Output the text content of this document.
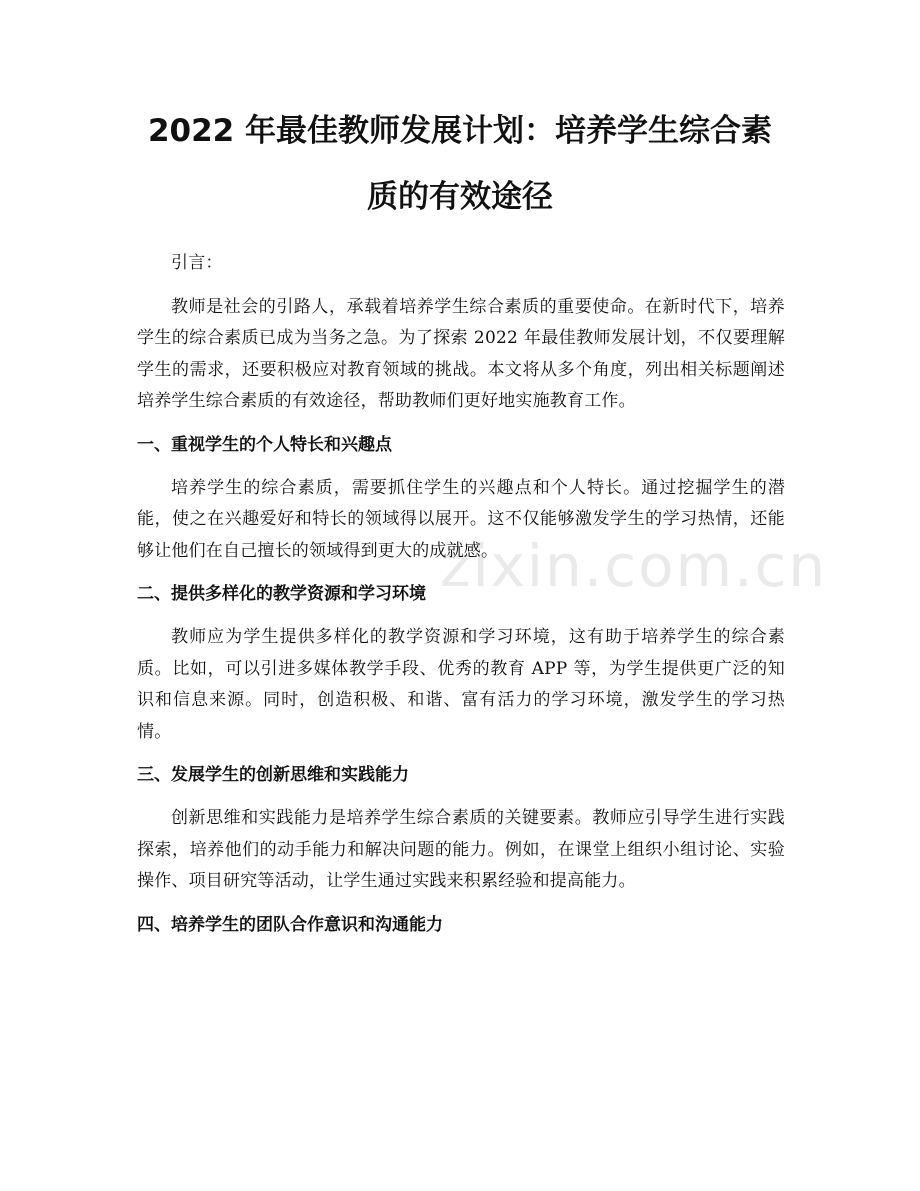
2022 年最佳教师发展计划：培养学生综合素
质的有效途径
zixin.com.cn

引言：

教师是社会的引路人，承载着培养学生综合素质的重要使命。在新时代下，培养学生的综合素质已成为当务之急。为了探索 2022 年最佳教师发展计划，不仅要理解学生的需求，还要积极应对教育领域的挑战。本文将从多个角度，列出相关标题阐述培养学生综合素质的有效途径，帮助教师们更好地实施教育工作。

一、重视学生的个人特长和兴趣点

培养学生的综合素质，需要抓住学生的兴趣点和个人特长。通过挖掘学生的潜能，使之在兴趣爱好和特长的领域得以展开。这不仅能够激发学生的学习热情，还能够让他们在自己擅长的领域得到更大的成就感。

二、提供多样化的教学资源和学习环境

教师应为学生提供多样化的教学资源和学习环境，这有助于培养学生的综合素质。比如，可以引进多媒体教学手段、优秀的教育 APP 等，为学生提供更广泛的知识和信息来源。同时，创造积极、和谐、富有活力的学习环境，激发学生的学习热情。

三、发展学生的创新思维和实践能力

创新思维和实践能力是培养学生综合素质的关键要素。教师应引导学生进行实践探索，培养他们的动手能力和解决问题的能力。例如，在课堂上组织小组讨论、实验操作、项目研究等活动，让学生通过实践来积累经验和提高能力。

四、培养学生的团队合作意识和沟通能力
